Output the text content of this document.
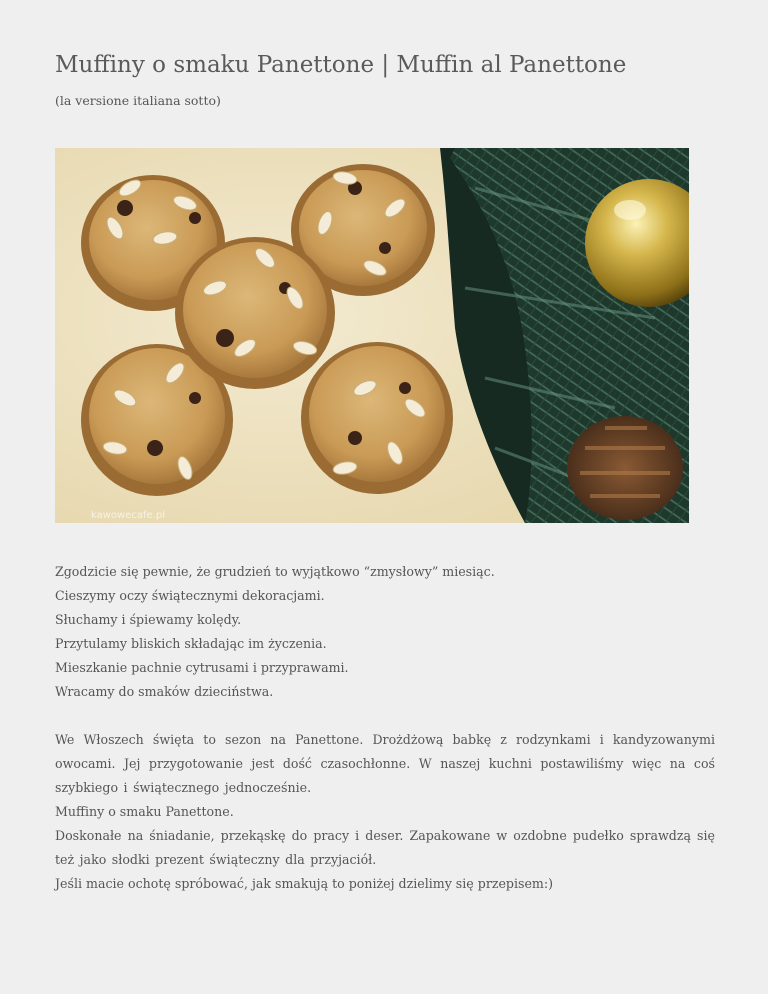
Muffiny o smaku Panettone | Muffin al Panettone

(la versione italiana sotto)

kawowecafe.pl

Zgodzicie się pewnie, że grudzień to wyjątkowo “zmysłowy” miesiąc.

Cieszymy oczy świątecznymi dekoracjami.

Słuchamy i śpiewamy kolędy.

Przytulamy bliskich składając im życzenia.

Mieszkanie pachnie cytrusami i przyprawami.

Wracamy do smaków dzieciństwa.

We Włoszech święta to sezon na Panettone. Drożdżową babkę z rodzynkami i kandyzowanymi owocami. Jej przygotowanie jest dość czasochłonne. W naszej kuchni postawiliśmy więc na coś szybkiego i świątecznego jednocześnie.

Muffiny o smaku Panettone.

Doskonałe na śniadanie, przekąskę do pracy i deser. Zapakowane w ozdobne pudełko sprawdzą się też jako słodki prezent świąteczny dla przyjaciół.

Jeśli macie ochotę spróbować, jak smakują to poniżej dzielimy się przepisem:)
